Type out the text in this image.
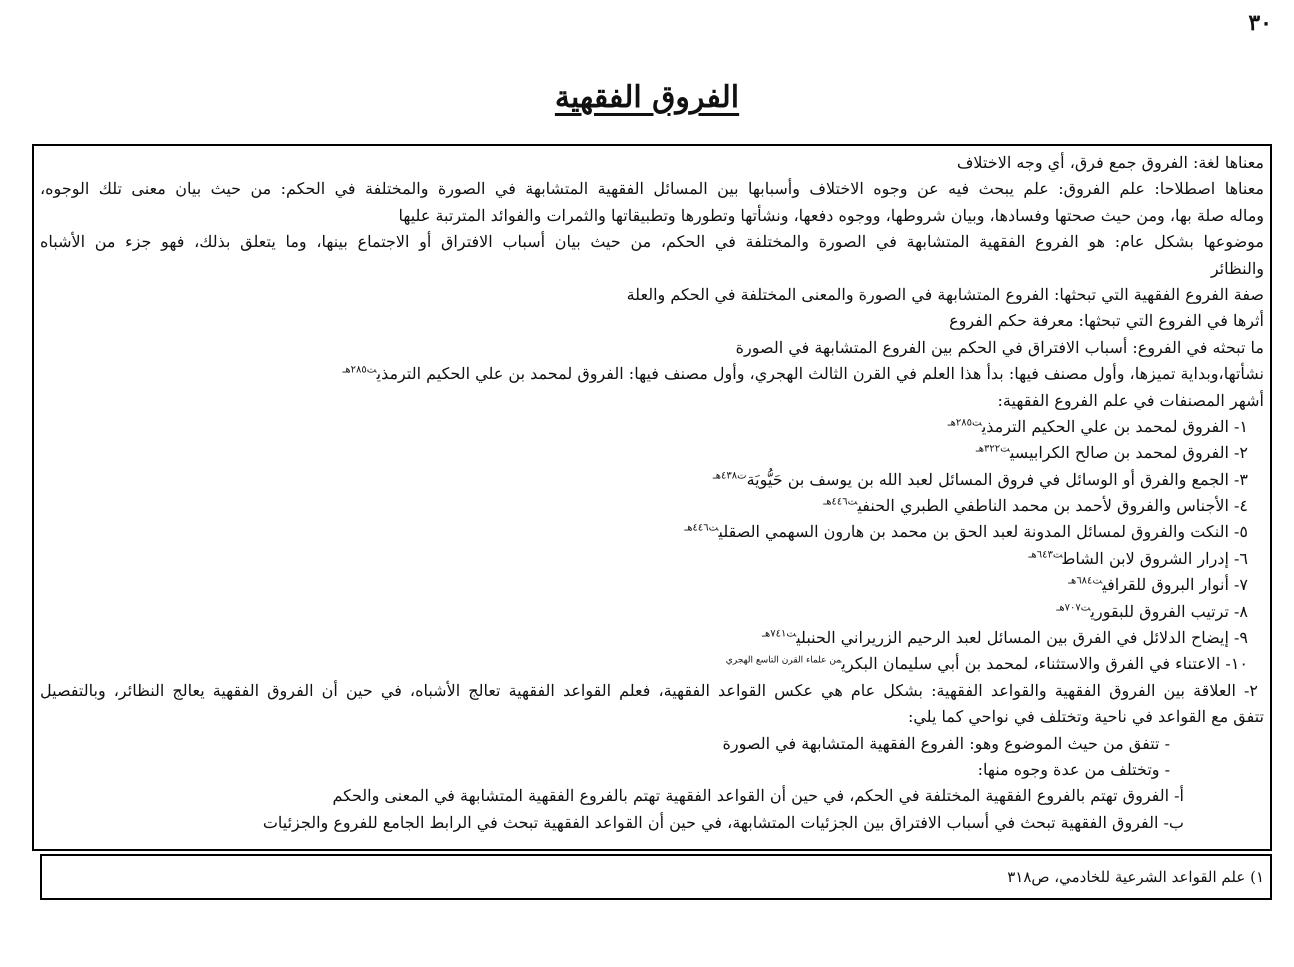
٣٠
الفروق الفقهية
معناها لغة: الفروق جمع فرق، أي وجه الاختلاف
معناها اصطلاحا: علم الفروق: علم يبحث فيه عن وجوه الاختلاف وأسبابها بين المسائل الفقهية المتشابهة في الصورة والمختلفة في الحكم: من حيث بيان معنى تلك الوجوه،
وماله صلة بها، ومن حيث صحتها وفسادها، وبيان شروطها، ووجوه دفعها، ونشأتها وتطورها وتطبيقاتها والثمرات والفوائد المترتبة عليها
موضوعها بشكل عام: هو الفروع الفقهية المتشابهة في الصورة والمختلفة في الحكم، من حيث بيان أسباب الافتراق أو الاجتماع بينها، وما يتعلق بذلك، فهو جزء من الأشباه
والنظائر
صفة الفروع الفقهية التي تبحثها: الفروع المتشابهة في الصورة والمعنى المختلفة في الحكم والعلة
أثرها في الفروع التي تبحثها: معرفة حكم الفروع
ما تبحثه في الفروع: أسباب الافتراق في الحكم بين الفروع المتشابهة في الصورة
نشأتها،وبداية تميزها، وأول مصنف فيها: بدأ هذا العلم في القرن الثالث الهجري، وأول مصنف فيها: الفروق لمحمد بن علي الحكيم الترمذي$^{ت٢٨٥هـ}$
أشهر المصنفات في علم الفروع الفقهية:
١- الفروق لمحمد بن علي الحكيم الترمذي$^{ت٢٨٥هـ}$
٢- الفروق لمحمد بن صالح الكرابيسي$^{ت٣٢٢هـ}$
٣- الجمع والفرق أو الوسائل في فروق المسائل لعبد الله بن يوسف بن حَيُّويَة$^{ت٤٣٨هـ}$
٤- الأجناس والفروق لأحمد بن محمد الناطفي الطبري الحنفي$^{ت٤٤٦هـ}$
٥- النكت والفروق لمسائل المدونة لعبد الحق بن محمد بن هارون السهمي الصقلي$^{ت٤٤٦هـ}$
٦- إدرار الشروق لابن الشاط$^{ت٦٤٣هـ}$
٧- أنوار البروق للقرافي$^{ت٦٨٤هـ}$
٨- ترتيب الفروق للبقوري$^{ت٧٠٧هـ}$
٩- إيضاح الدلائل في الفرق بين المسائل لعبد الرحيم الزريراني الحنبلي$^{ت٧٤١هـ}$
١٠- الاعتناء في الفرق والاستثناء، لمحمد بن أبي سليمان البكري$^{من علماء القرن التاسع الهجري}$
٢- العلاقة بين الفروق الفقهية والقواعد الفقهية: بشكل عام هي عكس القواعد الفقهية، فعلم القواعد الفقهية تعالج الأشباه، في حين أن الفروق الفقهية يعالج النظائر، وبالتفصيل
تتفق مع القواعد في ناحية وتختلف في نواحي كما يلي:
- تتفق من حيث الموضوع وهو: الفروع الفقهية المتشابهة في الصورة
- وتختلف من عدة وجوه منها:
أ- الفروق تهتم بالفروع الفقهية المختلفة في الحكم، في حين أن القواعد الفقهية تهتم بالفروع الفقهية المتشابهة في المعنى والحكم
ب- الفروق الفقهية تبحث في أسباب الافتراق بين الجزئيات المتشابهة، في حين أن القواعد الفقهية تبحث في الرابط الجامع للفروع والجزئيات
١) علم القواعد الشرعية للخادمي، ص٣١٨
